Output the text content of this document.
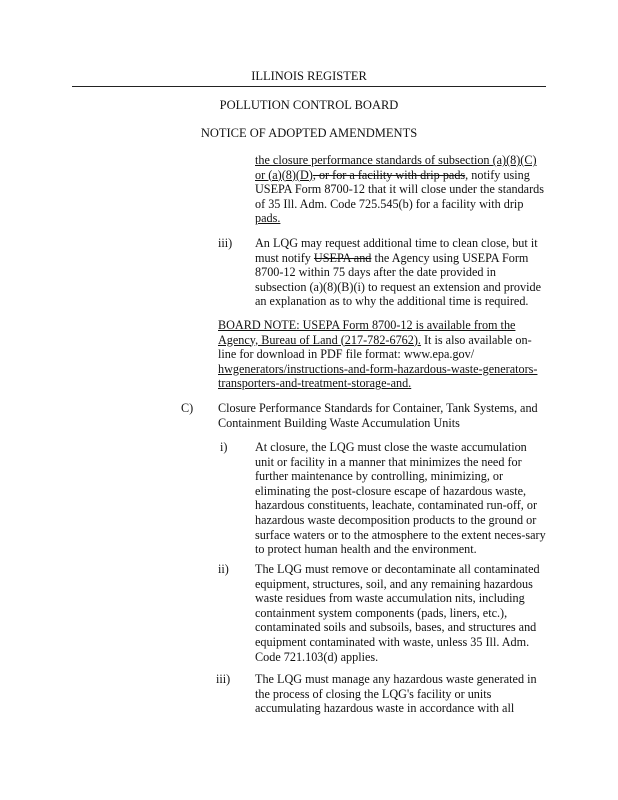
ILLINOIS REGISTER
POLLUTION CONTROL BOARD
NOTICE OF ADOPTED AMENDMENTS
the closure performance standards of subsection (a)(8)(C)
or (a)(8)(D), or for a facility with drip pads, notify using
USEPA Form 8700-12 that it will close under the standards
of 35 Ill. Adm. Code 725.545(b) for a facility with drip
pads.
iii) An LQG may request additional time to clean close, but it
must notify USEPA and the Agency using USEPA Form
8700-12 within 75 days after the date provided in
subsection (a)(8)(B)(i) to request an extension and provide
an explanation as to why the additional time is required.
BOARD NOTE: USEPA Form 8700-12 is available from the
Agency, Bureau of Land (217-782-6762). It is also available on-
line for download in PDF file format: www.epa.gov/
hwgenerators/instructions-and-form-hazardous-waste-generators-
transporters-and-treatment-storage-and.
C) Closure Performance Standards for Container, Tank Systems, and
Containment Building Waste Accumulation Units
i) At closure, the LQG must close the waste accumulation
unit or facility in a manner that minimizes the need for
further maintenance by controlling, minimizing, or
eliminating the post-closure escape of hazardous waste,
hazardous constituents, leachate, contaminated run-off, or
hazardous waste decomposition products to the ground or
surface waters or to the atmosphere to the extent neces-sary
to protect human health and the environment.
ii) The LQG must remove or decontaminate all contaminated
equipment, structures, soil, and any remaining hazardous
waste residues from waste accumulation nits, including
containment system components (pads, liners, etc.),
contaminated soils and subsoils, bases, and structures and
equipment contaminated with waste, unless 35 Ill. Adm.
Code 721.103(d) applies.
iii) The LQG must manage any hazardous waste generated in
the process of closing the LQG's facility or units
accumulating hazardous waste in accordance with all
